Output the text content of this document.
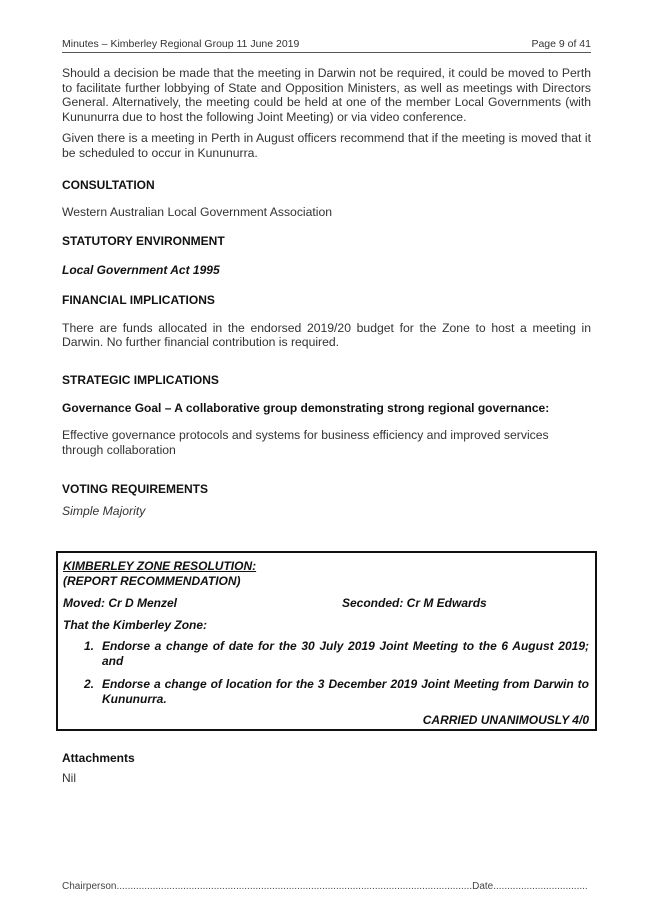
Minutes – Kimberley Regional Group 11 June 2019	Page 9 of 41

Should a decision be made that the meeting in Darwin not be required, it could be moved to Perth to facilitate further lobbying of State and Opposition Ministers, as well as meetings with Directors General. Alternatively, the meeting could be held at one of the member Local Governments (with Kununurra due to host the following Joint Meeting) or via video conference.

Given there is a meeting in Perth in August officers recommend that if the meeting is moved that it be scheduled to occur in Kununurra.

CONSULTATION

Western Australian Local Government Association

STATUTORY ENVIRONMENT

Local Government Act 1995

FINANCIAL IMPLICATIONS

There are funds allocated in the endorsed 2019/20 budget for the Zone to host a meeting in Darwin. No further financial contribution is required.

STRATEGIC IMPLICATIONS

Governance Goal – A collaborative group demonstrating strong regional governance:

Effective governance protocols and systems for business efficiency and improved services through collaboration

VOTING REQUIREMENTS

Simple Majority

KIMBERLEY ZONE RESOLUTION:

(REPORT RECOMMENDATION)

Moved: Cr D Menzel	Seconded: Cr M Edwards

That the Kimberley Zone:

1. Endorse a change of date for the 30 July 2019 Joint Meeting to the 6 August 2019; and
2. Endorse a change of location for the 3 December 2019 Joint Meeting from Darwin to Kununurra.
CARRIED UNANIMOUSLY 4/0

Attachments

Nil

Chairperson................................................................................................................................Date..................................
